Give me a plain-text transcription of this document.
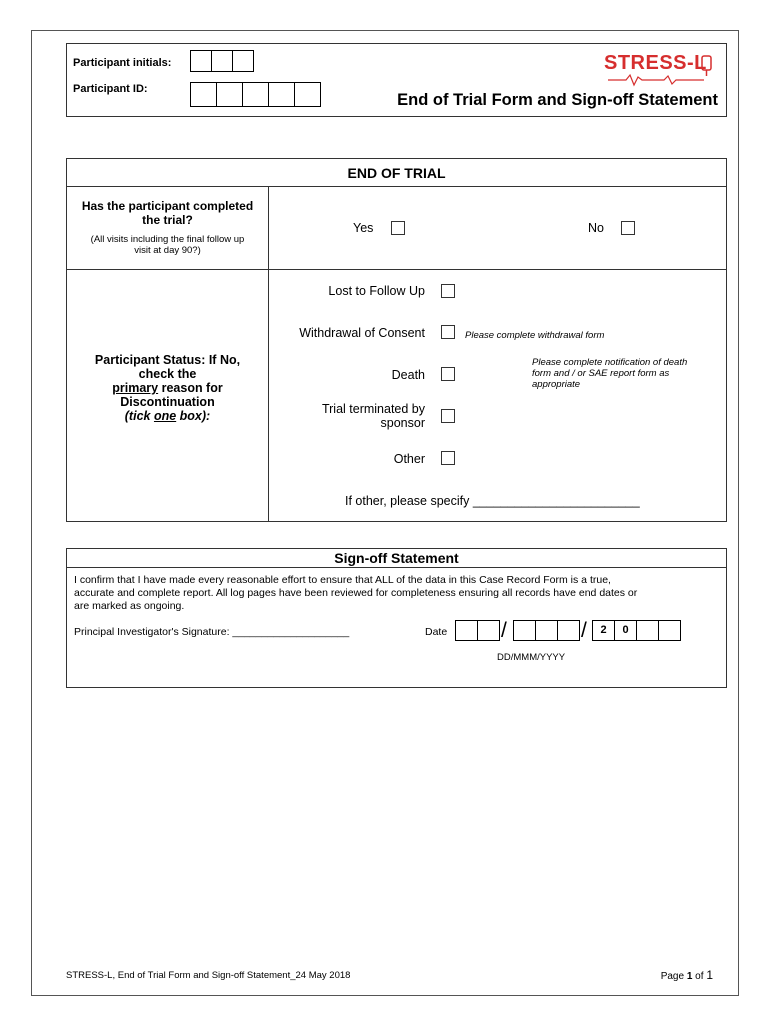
Participant initials:
Participant ID:
STRESS-L
End of Trial Form and Sign-off Statement
END OF TRIAL
Has the participant completed
the trial?
(All visits including the final follow up
visit at day 90?)
Yes	No
Participant Status: If No,
check the
primary reason for
Discontinuation
(tick one box):
Lost to Follow Up
Withdrawal of Consent	Please complete withdrawal form
Please complete notification of death
form and / or SAE report form as
appropriate
Death
Trial terminated by
sponsor
Other
If other, please specify ________________________
Sign-off Statement
I confirm that I have made every reasonable effort to ensure that ALL of the data in this Case Record Form is a true,
accurate and complete report. All log pages have been reviewed for completeness ensuring all records have end dates or
are marked as ongoing.
Principal Investigator's Signature: ____________________	Date	/	/	2	0
DD/MMM/YYYY
STRESS-L, End of Trial Form and Sign-off Statement_24 May 2018	Page 1 of 1
